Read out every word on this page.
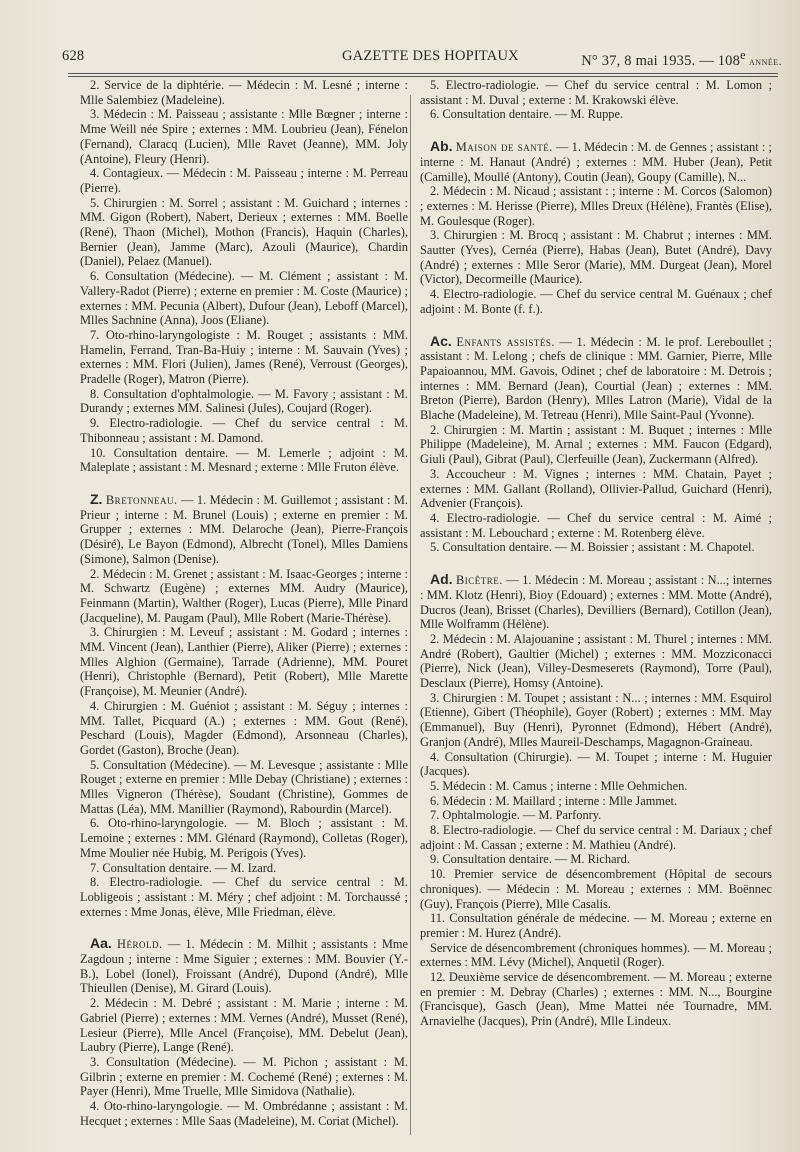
628	GAZETTE DES HOPITAUX	N° 37, 8 mai 1935. — 108e année.

2. Service de la diphtérie. — Médecin : M. Lesné ; interne : Mlle Salembiez (Madeleine).

3. Médecin : M. Paisseau ; assistante : Mlle Bœgner ; interne : Mme Weill née Spire ; externes : MM. Loubrieu (Jean), Fénelon (Fernand), Claracq (Lucien), Mlle Ravet (Jeanne), MM. Joly (Antoine), Fleury (Henri).

4. Contagieux. — Médecin : M. Paisseau ; interne : M. Perreau (Pierre).

5. Chirurgien : M. Sorrel ; assistant : M. Guichard ; internes : MM. Gigon (Robert), Nabert, Derieux ; externes : MM. Boelle (René), Thaon (Michel), Mothon (Francis), Haquin (Charles), Bernier (Jean), Jamme (Marc), Azouli (Maurice), Chardin (Daniel), Pelaez (Manuel).

6. Consultation (Médecine). — M. Clément ; assistant : M. Vallery-Radot (Pierre) ; externe en premier : M. Coste (Maurice) ; externes : MM. Pecunia (Albert), Dufour (Jean), Leboff (Marcel), Mlles Sachnine (Anna), Joos (Eliane).

7. Oto-rhino-laryngologiste : M. Rouget ; assistants : MM. Hamelin, Ferrand, Tran-Ba-Huiy ; interne : M. Sauvain (Yves) ; externes : MM. Flori (Julien), James (René), Verroust (Georges), Pradelle (Roger), Matron (Pierre).

8. Consultation d'ophtalmologie. — M. Favory ; assistant : M. Durandy ; externes MM. Salinesi (Jules), Coujard (Roger).

9. Electro-radiologie. — Chef du service central : M. Thibonneau ; assistant : M. Damond.

10. Consultation dentaire. — M. Lemerle ; adjoint : M. Maleplate ; assistant : M. Mesnard ; externe : Mlle Fruton élève.

Z. Bretonneau. — 1. Médecin : M. Guillemot ; assistant : M. Prieur ; interne : M. Brunel (Louis) ; externe en premier : M. Grupper ; externes : MM. Delaroche (Jean), Pierre-François (Désiré), Le Bayon (Edmond), Albrecht (Tonel), Mlles Damiens (Simone), Salmon (Denise).

2. Médecin : M. Grenet ; assistant : M. Isaac-Georges ; interne : M. Schwartz (Eugène) ; externes MM. Audry (Maurice), Feinmann (Martin), Walther (Roger), Lucas (Pierre), Mlle Pinard (Jacqueline), M. Paugam (Paul), Mlle Robert (Marie-Thérèse).

3. Chirurgien : M. Leveuf ; assistant : M. Godard ; internes : MM. Vincent (Jean), Lanthier (Pierre), Aliker (Pierre) ; externes : Mlles Alghion (Germaine), Tarrade (Adrienne), MM. Pouret (Henri), Christophle (Bernard), Petit (Robert), Mlle Marette (Françoise), M. Meunier (André).

4. Chirurgien : M. Guéniot ; assistant : M. Séguy ; internes : MM. Tallet, Picquard (A.) ; externes : MM. Gout (René), Peschard (Louis), Magder (Edmond), Arsonneau (Charles), Gordet (Gaston), Broche (Jean).

5. Consultation (Médecine). — M. Levesque ; assistante : Mlle Rouget ; externe en premier : Mlle Debay (Christiane) ; externes : Mlles Vigneron (Thérèse), Soudant (Christine), Gommes de Mattas (Léa), MM. Manillier (Raymond), Rabourdin (Marcel).

6. Oto-rhino-laryngologie. — M. Bloch ; assistant : M. Lemoine ; externes : MM. Glénard (Raymond), Colletas (Roger), Mme Moulier née Hubig, M. Perigois (Yves).

7. Consultation dentaire. — M. Izard.

8. Electro-radiologie. — Chef du service central : M. Lobligeois ; assistant : M. Méry ; chef adjoint : M. Torchaussé ; externes : Mme Jonas, élève, Mlle Friedman, élève.

Aa. Hérold. — 1. Médecin : M. Milhit ; assistants : Mme Zagdoun ; interne : Mme Siguier ; externes : MM. Bouvier (Y.-B.), Lobel (Ionel), Froissant (André), Dupond (André), Mlle Thieullen (Denise), M. Girard (Louis).

2. Médecin : M. Debré ; assistant : M. Marie ; interne : M. Gabriel (Pierre) ; externes : MM. Vernes (André), Musset (René), Lesieur (Pierre), Mlle Ancel (Françoise), MM. Debelut (Jean), Laubry (Pierre), Lange (René).

3. Consultation (Médecine). — M. Pichon ; assistant : M. Gilbrin ; externe en premier : M. Cochemé (René) ; externes : M. Payer (Henri), Mme Truelle, Mlle Simidova (Nathalie).

4. Oto-rhino-laryngologie. — M. Ombrédanne ; assistant : M. Hecquet ; externes : Mlle Saas (Madeleine), M. Coriat (Michel).

5. Electro-radiologie. — Chef du service central : M. Lomon ; assistant : M. Duval ; externe : M. Krakowski élève.

6. Consultation dentaire. — M. Ruppe.

Ab. Maison de santé. — 1. Médecin : M. de Gennes ; assistant : ; interne : M. Hanaut (André) ; externes : MM. Huber (Jean), Petit (Camille), Moullé (Antony), Coutin (Jean), Goupy (Camille), N...

2. Médecin : M. Nicaud ; assistant : ; interne : M. Corcos (Salomon) ; externes : M. Herisse (Pierre), Mlles Dreux (Hélène), Frantès (Elise), M. Goulesque (Roger).

3. Chirurgien : M. Brocq ; assistant : M. Chabrut ; internes : MM. Sautter (Yves), Cernéa (Pierre), Habas (Jean), Butet (André), Davy (André) ; externes : Mlle Seror (Marie), MM. Durgeat (Jean), Morel (Victor), Decormeille (Maurice).

4. Electro-radiologie. — Chef du service central M. Guénaux ; chef adjoint : M. Bonte (f. f.).

Ac. Enfants assistés. — 1. Médecin : M. le prof. Lereboullet ; assistant : M. Lelong ; chefs de clinique : MM. Garnier, Pierre, Mlle Papaioannou, MM. Gavois, Odinet ; chef de laboratoire : M. Detrois ; internes : MM. Bernard (Jean), Courtial (Jean) ; externes : MM. Breton (Pierre), Bardon (Henry), Mlles Latron (Marie), Vidal de la Blache (Madeleine), M. Tetreau (Henri), Mlle Saint-Paul (Yvonne).

2. Chirurgien : M. Martin ; assistant : M. Buquet ; internes : Mlle Philippe (Madeleine), M. Arnal ; externes : MM. Faucon (Edgard), Giuli (Paul), Gibrat (Paul), Clerfeuille (Jean), Zuckermann (Alfred).

3. Accoucheur : M. Vignes ; internes : MM. Chatain, Payet ; externes : MM. Gallant (Rolland), Ollivier-Pallud, Guichard (Henri), Advenier (François).

4. Electro-radiologie. — Chef du service central : M. Aimé ; assistant : M. Lebouchard ; externe : M. Rotenberg élève.

5. Consultation dentaire. — M. Boissier ; assistant : M. Chapotel.

Ad. Bicêtre. — 1. Médecin : M. Moreau ; assistant : N...; internes : MM. Klotz (Henri), Bioy (Edouard) ; externes : MM. Motte (André), Ducros (Jean), Brisset (Charles), Devilliers (Bernard), Cotillon (Jean), Mlle Wolframm (Hélène).

2. Médecin : M. Alajouanine ; assistant : M. Thurel ; internes : MM. André (Robert), Gaultier (Michel) ; externes : MM. Mozziconacci (Pierre), Nick (Jean), Villey-Desmeserets (Raymond), Torre (Paul), Desclaux (Pierre), Homsy (Antoine).

3. Chirurgien : M. Toupet ; assistant : N... ; internes : MM. Esquirol (Etienne), Gibert (Théophile), Goyer (Robert) ; externes : MM. May (Emmanuel), Buy (Henri), Pyronnet (Edmond), Hébert (André), Granjon (André), Mlles Maureil-Deschamps, Magagnon-Graineau.

4. Consultation (Chirurgie). — M. Toupet ; interne : M. Huguier (Jacques).

5. Médecin : M. Camus ; interne : Mlle Oehmichen.

6. Médecin : M. Maillard ; interne : Mlle Jammet.

7. Ophtalmologie. — M. Parfonry.

8. Electro-radiologie. — Chef du service central : M. Dariaux ; chef adjoint : M. Cassan ; externe : M. Mathieu (André).

9. Consultation dentaire. — M. Richard.

10. Premier service de désencombrement (Hôpital de secours chroniques). — Médecin : M. Moreau ; externes : MM. Boënnec (Guy), François (Pierre), Mlle Casalis.

11. Consultation générale de médecine. — M. Moreau ; externe en premier : M. Hurez (André).

Service de désencombrement (chroniques hommes). — M. Moreau ; externes : MM. Lévy (Michel), Anquetil (Roger).

12. Deuxième service de désencombrement. — M. Moreau ; externe en premier : M. Debray (Charles) ; externes : MM. N..., Bourgine (Francisque), Gasch (Jean), Mme Mattei née Tournadre, MM. Arnavielhe (Jacques), Prin (André), Mlle Lindeux.
